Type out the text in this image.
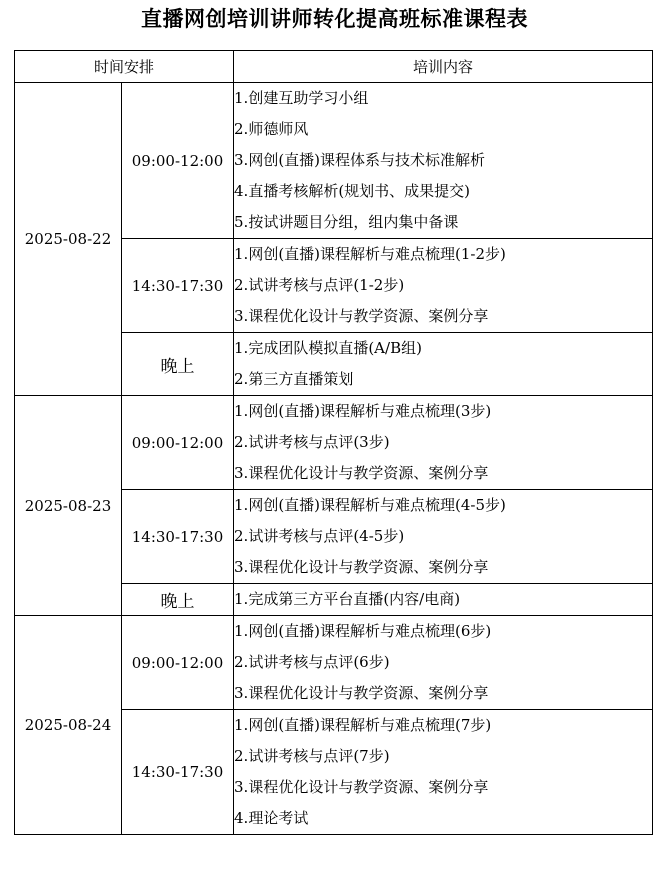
直播网创培训讲师转化提高班标准课程表
时间安排		培训内容
2025-08-22	09:00-12:00	1.创建互助学习小组
2.师德师风
3.网创(直播)课程体系与技术标准解析
4.直播考核解析(规划书、成果提交)
5.按试讲题目分组，组内集中备课

	14:30-17:30	1.网创(直播)课程解析与难点梳理(1-2步)
2.试讲考核与点评(1-2步)
3.课程优化设计与教学资源、案例分享

	晚上	1.完成团队模拟直播(A/B组)
2.第三方直播策划

2025-08-23	09:00-12:00	1.网创(直播)课程解析与难点梳理(3步)
2.试讲考核与点评(3步)
3.课程优化设计与教学资源、案例分享

	14:30-17:30	1.网创(直播)课程解析与难点梳理(4-5步)
2.试讲考核与点评(4-5步)
3.课程优化设计与教学资源、案例分享

	晚上	1.完成第三方平台直播(内容/电商)

2025-08-24	09:00-12:00	1.网创(直播)课程解析与难点梳理(6步)
2.试讲考核与点评(6步)
3.课程优化设计与教学资源、案例分享

	14:30-17:30	1.网创(直播)课程解析与难点梳理(7步)
2.试讲考核与点评(7步)
3.课程优化设计与教学资源、案例分享
4.理论考试
